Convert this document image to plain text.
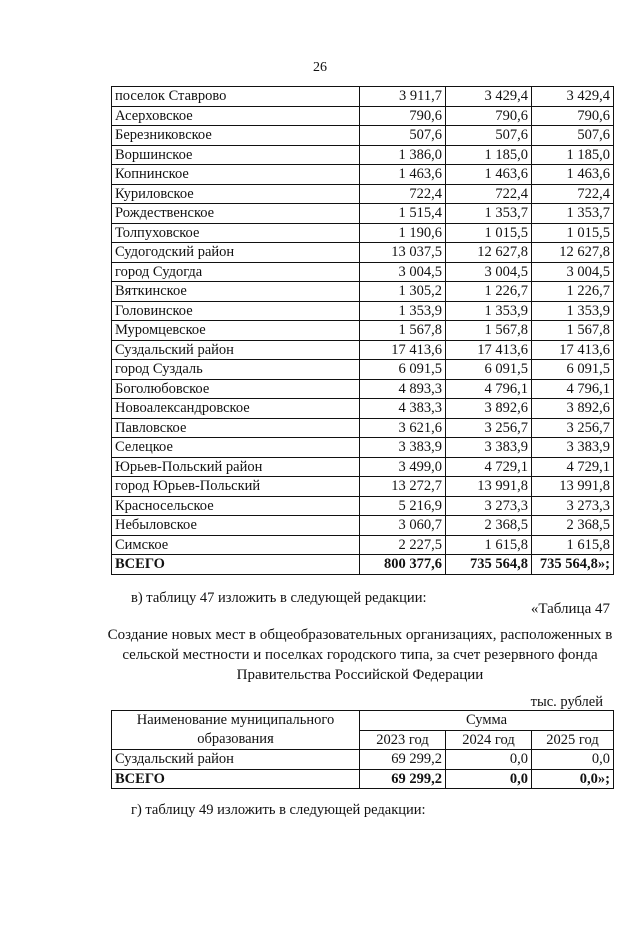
26
поселок Ставрово	3 911,7	3 429,4	3 429,4
Асерховское	790,6	790,6	790,6
Березниковское	507,6	507,6	507,6
Воршинское	1 386,0	1 185,0	1 185,0
Копнинское	1 463,6	1 463,6	1 463,6
Куриловское	722,4	722,4	722,4
Рождественское	1 515,4	1 353,7	1 353,7
Толпуховское	1 190,6	1 015,5	1 015,5
Судогодский район	13 037,5	12 627,8	12 627,8
город Судогда	3 004,5	3 004,5	3 004,5
Вяткинское	1 305,2	1 226,7	1 226,7
Головинское	1 353,9	1 353,9	1 353,9
Муромцевское	1 567,8	1 567,8	1 567,8
Суздальский район	17 413,6	17 413,6	17 413,6
город Суздаль	6 091,5	6 091,5	6 091,5
Боголюбовское	4 893,3	4 796,1	4 796,1
Новоалександровское	4 383,3	3 892,6	3 892,6
Павловское	3 621,6	3 256,7	3 256,7
Селецкое	3 383,9	3 383,9	3 383,9
Юрьев-Польский район	3 499,0	4 729,1	4 729,1
город Юрьев-Польский	13 272,7	13 991,8	13 991,8
Красносельское	5 216,9	3 273,3	3 273,3
Небыловское	3 060,7	2 368,5	2 368,5
Симское	2 227,5	1 615,8	1 615,8
ВСЕГО	800 377,6	735 564,8	735 564,8»;
в) таблицу 47 изложить в следующей редакции:
«Таблица 47
Создание новых мест в общеобразовательных организациях, расположенных в сельской местности и поселках городского типа, за счет резервного фонда Правительства Российской Федерации
тыс. рублей
Наименование муниципального образования	Сумма		
	2023 год	2024 год	2025 год
Суздальский район	69 299,2	0,0	0,0
ВСЕГО	69 299,2	0,0	0,0»;
г) таблицу 49 изложить в следующей редакции:
